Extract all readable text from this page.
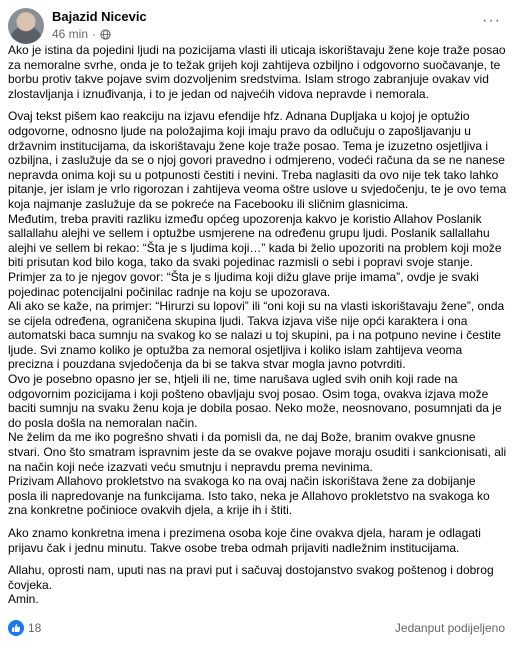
Bajazid Nicevic
46 min ·
···

Ako je istina da pojedini ljudi na pozicijama vlasti ili uticaja iskorištavaju žene koje traže posao za nemoralne svrhe, onda je to težak grijeh koji zahtijeva ozbiljno i odgovorno suočavanje, te borbu protiv takve pojave svim dozvoljenim sredstvima. Islam strogo zabranjuje ovakav vid zlostavljanja i iznuđivanja, i to je jedan od najvećih vidova nepravde i nemorala.

Ovaj tekst pišem kao reakciju na izjavu efendije hfz. Adnana Dupljaka u kojoj je optužio odgovorne, odnosno ljude na položajima koji imaju pravo da odlučuju o zapošljavanju u državnim institucijama, da iskorištavaju žene koje traže posao. Tema je izuzetno osjetljiva i ozbiljna, i zaslužuje da se o njoj govori pravedno i odmjereno, vodeći računa da se ne nanese nepravda onima koji su u potpunosti čestiti i nevini. Treba naglasiti da ovo nije tek tako lahko pitanje, jer islam je vrlo rigorozan i zahtijeva veoma oštre uslove u svjedočenju, te je ovo tema koja najmanje zaslužuje da se pokreće na Facebooku ili sličnim glasnicima.

Međutim, treba praviti razliku između općeg upozorenja kakvo je koristio Allahov Poslanik sallallahu alejhi ve sellem i optužbe usmjerene na određenu grupu ljudi. Poslanik sallallahu alejhi ve sellem bi rekao: “Šta je s ljudima koji…” kada bi želio upozoriti na problem koji može biti prisutan kod bilo koga, tako da svaki pojedinac razmisli o sebi i popravi svoje stanje. Primjer za to je njegov govor: “Šta je s ljudima koji dižu glave prije imama”, ovdje je svaki pojedinac potencijalni počinilac radnje na koju se upozorava.

Ali ako se kaže, na primjer: “Hirurzi su lopovi” ili “oni koji su na vlasti iskorištavaju žene”, onda se cijela određena, ograničena skupina ljudi. Takva izjava više nije opći karaktera i ona automatski baca sumnju na svakog ko se nalazi u toj skupini, pa i na potpuno nevine i čestite ljude. Svi znamo koliko je optužba za nemoral osjetljiva i koliko islam zahtijeva veoma precizna i pouzdana svjedočenja da bi se takva stvar mogla javno potvrditi.

Ovo je posebno opasno jer se, htjeli ili ne, time narušava ugled svih onih koji rade na odgovornim pozicijama i koji pošteno obavljaju svoj posao. Osim toga, ovakva izjava može baciti sumnju na svaku ženu koja je dobila posao. Neko može, neosnovano, posumnjati da je do posla došla na nemoralan način.

Ne želim da me iko pogrešno shvati i da pomisli da, ne daj Bože, branim ovakve gnusne stvari. Ono što smatram ispravnim jeste da se ovakve pojave moraju osuditi i sankcionisati, ali na način koji neće izazvati veću smutnju i nepravdu prema nevinima.

Prizivam Allahovo prokletstvo na svakoga ko na ovaj način iskorištava žene za dobijanje posla ili napredovanje na funkcijama. Isto tako, neka je Allahovo prokletstvo na svakoga ko zna konkretne počinioce ovakvih djela, a krije ih i štiti.

Ako znamo konkretna imena i prezimena osoba koje čine ovakva djela, haram je odlagati prijavu čak i jednu minutu. Takve osobe treba odmah prijaviti nadležnim institucijama.

Allahu, oprosti nam, uputi nas na pravi put i sačuvaj dostojanstvo svakog poštenog i dobrog čovjeka.

Amin.

18	Jedanput podijeljeno
